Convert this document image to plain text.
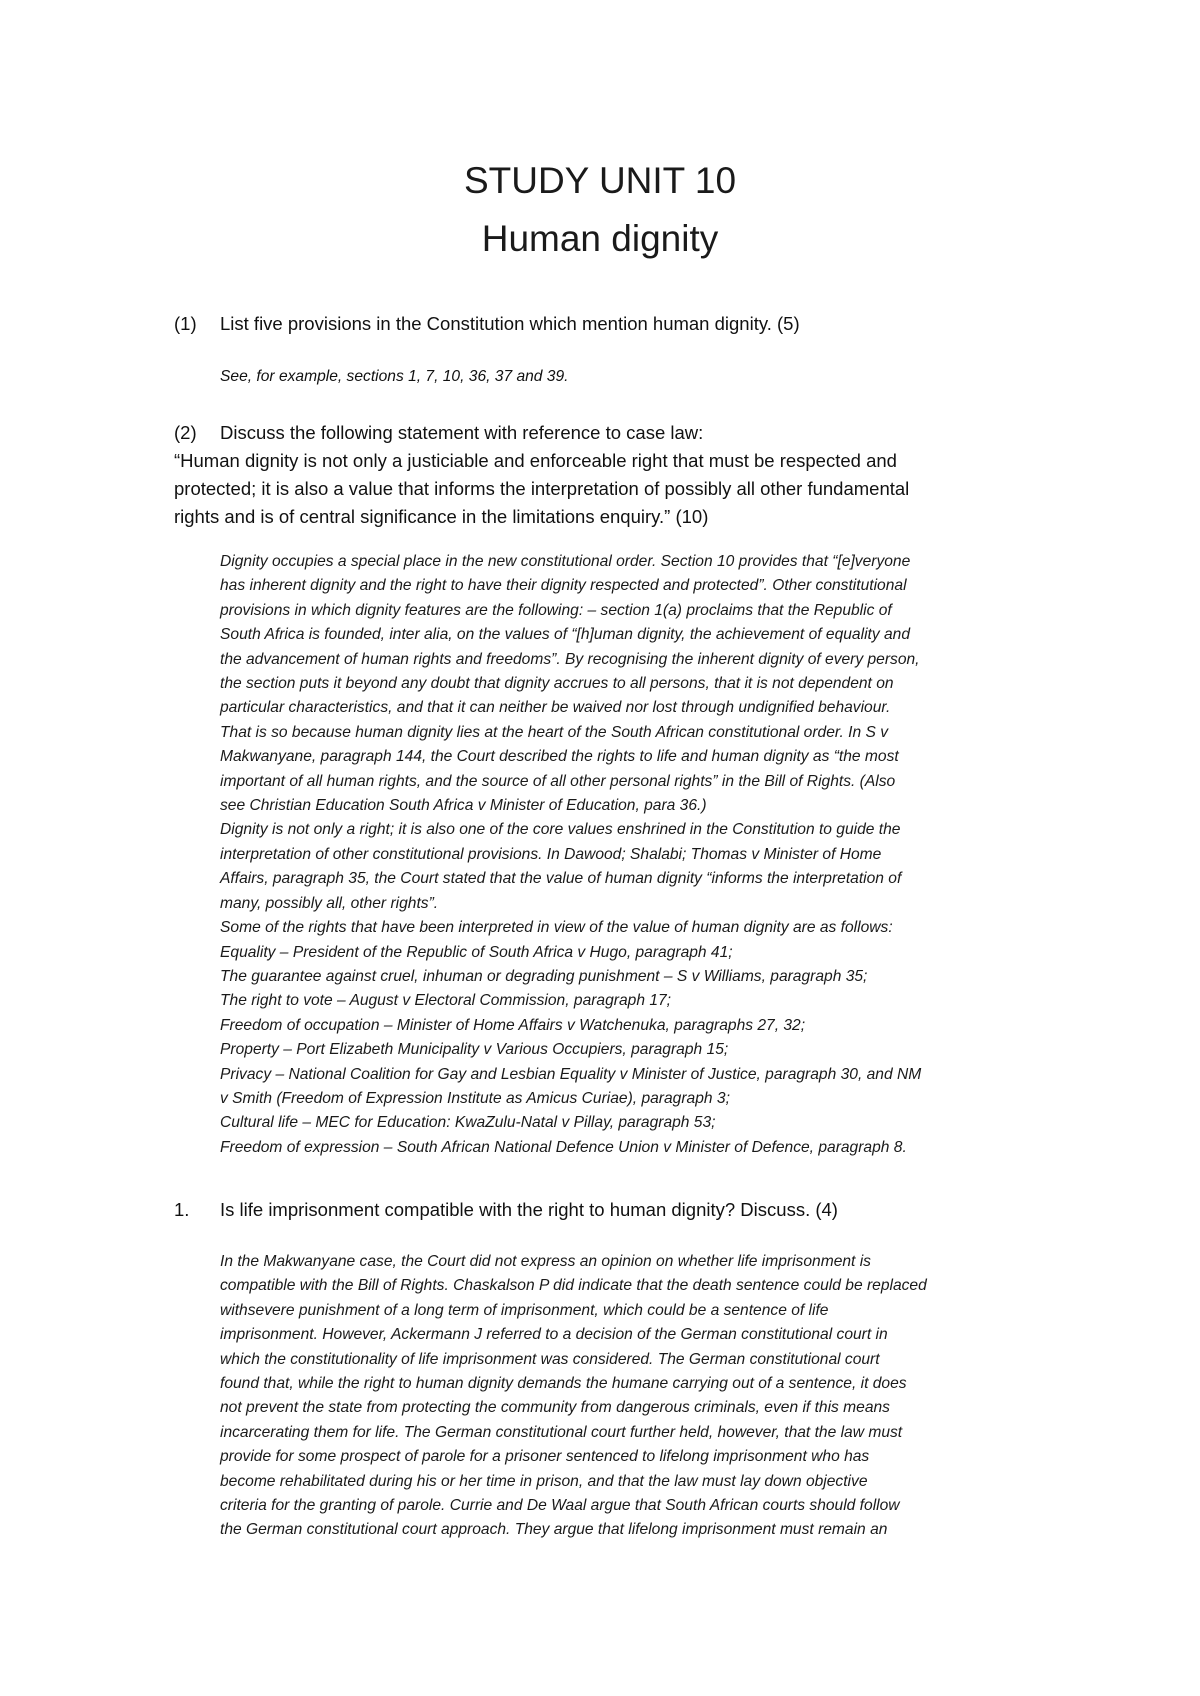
STUDY UNIT 10
Human dignity
(1) List five provisions in the Constitution which mention human dignity. (5)
See, for example, sections 1, 7, 10, 36, 37 and 39.
(2) Discuss the following statement with reference to case law:
“Human dignity is not only a justiciable and enforceable right that must be respected and
protected; it is also a value that informs the interpretation of possibly all other fundamental
rights and is of central significance in the limitations enquiry.” (10)
Dignity occupies a special place in the new constitutional order. Section 10 provides that “[e]veryone
has inherent dignity and the right to have their dignity respected and protected”. Other constitutional
provisions in which dignity features are the following: – section 1(a) proclaims that the Republic of
South Africa is founded, inter alia, on the values of “[h]uman dignity, the achievement of equality and
the advancement of human rights and freedoms”. By recognising the inherent dignity of every person,
the section puts it beyond any doubt that dignity accrues to all persons, that it is not dependent on
particular characteristics, and that it can neither be waived nor lost through undignified behaviour.
That is so because human dignity lies at the heart of the South African constitutional order. In S v
Makwanyane, paragraph 144, the Court described the rights to life and human dignity as “the most
important of all human rights, and the source of all other personal rights” in the Bill of Rights. (Also
see Christian Education South Africa v Minister of Education, para 36.)
Dignity is not only a right; it is also one of the core values enshrined in the Constitution to guide the
interpretation of other constitutional provisions. In Dawood; Shalabi; Thomas v Minister of Home
Affairs, paragraph 35, the Court stated that the value of human dignity “informs the interpretation of
many, possibly all, other rights”.
Some of the rights that have been interpreted in view of the value of human dignity are as follows:
Equality – President of the Republic of South Africa v Hugo, paragraph 41;
The guarantee against cruel, inhuman or degrading punishment – S v Williams, paragraph 35;
The right to vote – August v Electoral Commission, paragraph 17;
Freedom of occupation – Minister of Home Affairs v Watchenuka, paragraphs 27, 32;
Property – Port Elizabeth Municipality v Various Occupiers, paragraph 15;
Privacy – National Coalition for Gay and Lesbian Equality v Minister of Justice, paragraph 30, and NM
v Smith (Freedom of Expression Institute as Amicus Curiae), paragraph 3;
Cultural life – MEC for Education: KwaZulu-Natal v Pillay, paragraph 53;
Freedom of expression – South African National Defence Union v Minister of Defence, paragraph 8.
1. Is life imprisonment compatible with the right to human dignity? Discuss. (4)
In the Makwanyane case, the Court did not express an opinion on whether life imprisonment is
compatible with the Bill of Rights. Chaskalson P did indicate that the death sentence could be replaced
withsevere punishment of a long term of imprisonment, which could be a sentence of life
imprisonment. However, Ackermann J referred to a decision of the German constitutional court in
which the constitutionality of life imprisonment was considered. The German constitutional court
found that, while the right to human dignity demands the humane carrying out of a sentence, it does
not prevent the state from protecting the community from dangerous criminals, even if this means
incarcerating them for life. The German constitutional court further held, however, that the law must
provide for some prospect of parole for a prisoner sentenced to lifelong imprisonment who has
become rehabilitated during his or her time in prison, and that the law must lay down objective
criteria for the granting of parole. Currie and De Waal argue that South African courts should follow
the German constitutional court approach. They argue that lifelong imprisonment must remain an
